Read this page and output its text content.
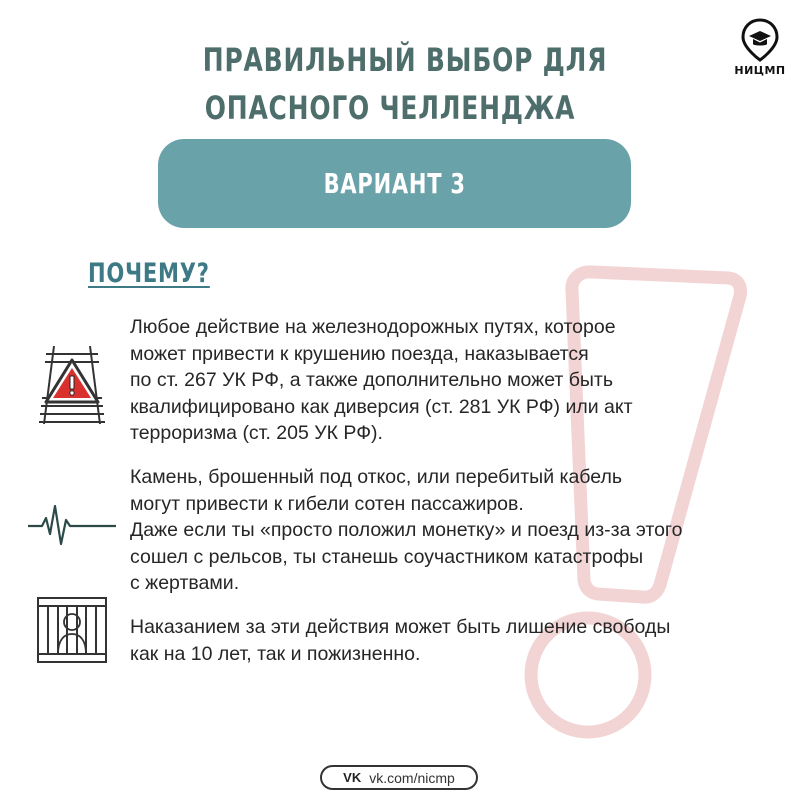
ПРАВИЛЬНЫЙ ВЫБОР ДЛЯ
ОПАСНОГО ЧЕЛЛЕНДЖА
НИЦМП
ВАРИАНТ 3
ПОЧЕМУ?
Любое действие на железнодорожных путях, которое
может привести к крушению поезда, наказывается
по ст. 267 УК РФ, а также дополнительно может быть
квалифицировано как диверсия (ст. 281 УК РФ) или акт
терроризма (ст. 205 УК РФ).
Камень, брошенный под откос, или перебитый кабель
могут привести к гибели сотен пассажиров.
Даже если ты «просто положил монетку» и поезд из-за этого
сошел с рельсов, ты станешь соучастником катастрофы
с жертвами.
Наказанием за эти действия может быть лишение свободы
как на 10 лет, так и пожизненно.
VK vk.com/nicmp
